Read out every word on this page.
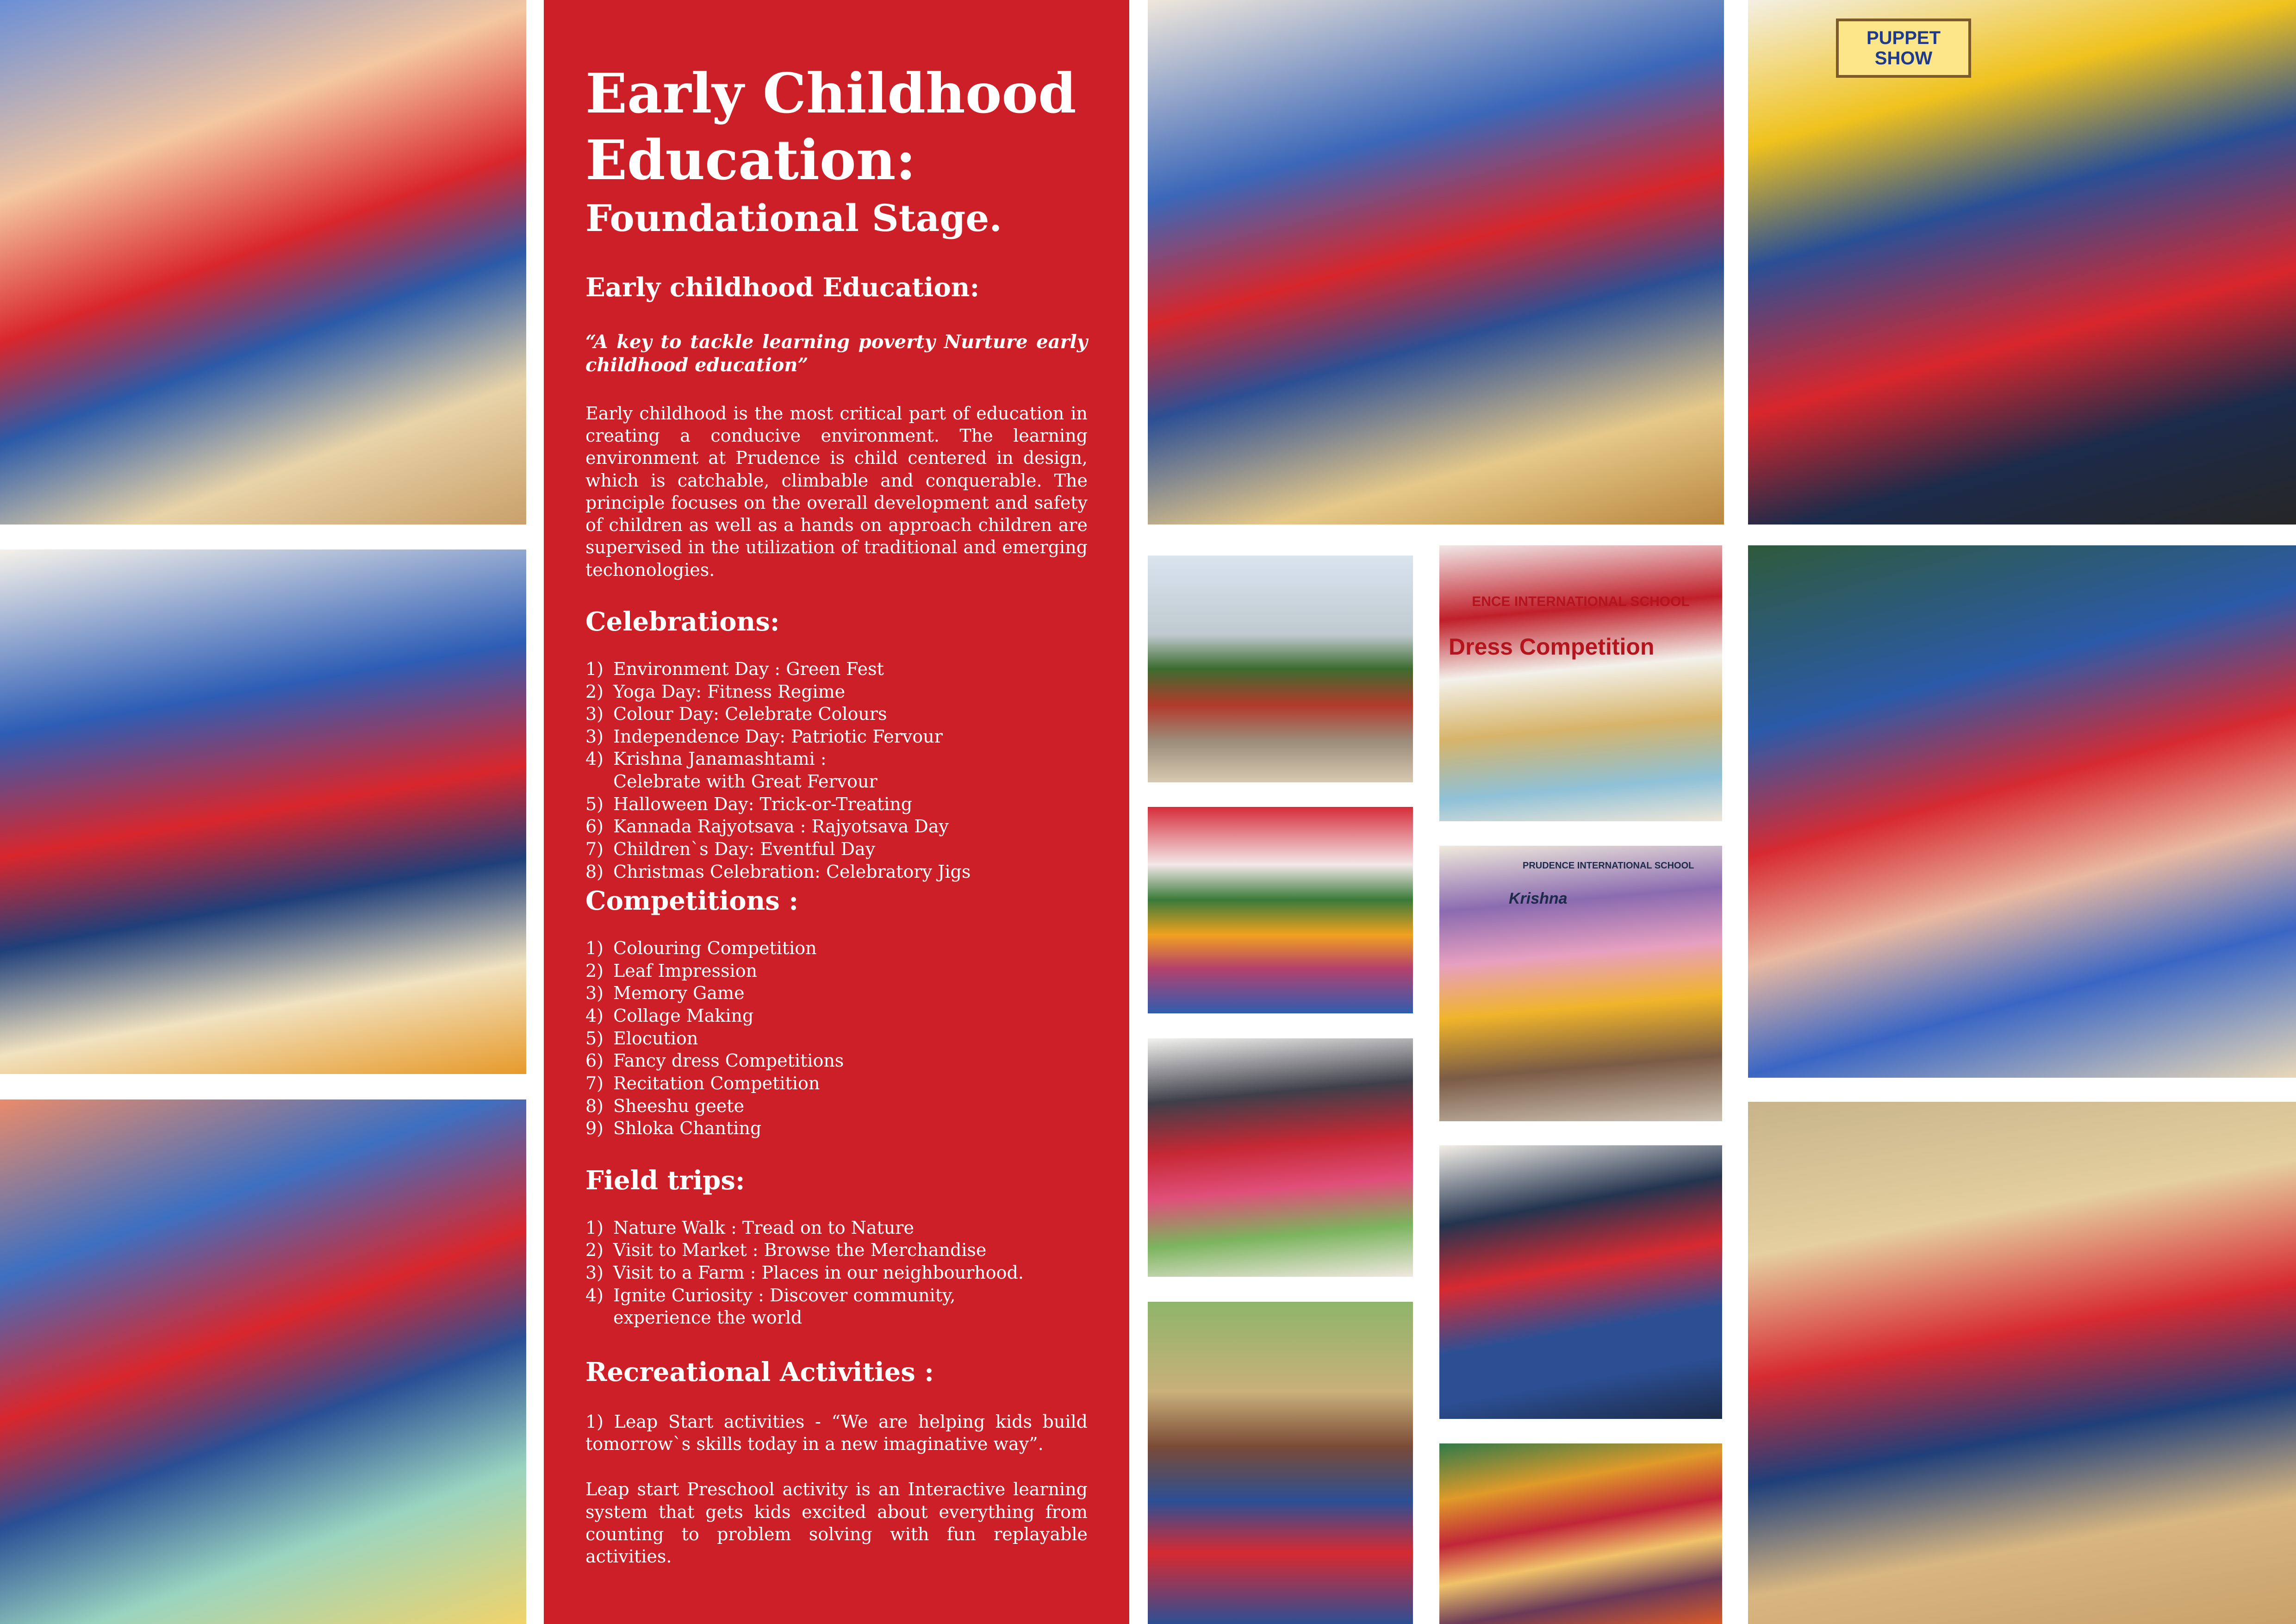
Early Childhood
Education:
Foundational Stage.
Early childhood Education:

“A key to tackle learning poverty Nurture early childhood education”

Early childhood is the most critical part of education in creating a conducive environment. The learning environment at Prudence is child centered in design, which is catchable, climbable and conquerable. The principle focuses on the overall development and safety of children as well as a hands on approach children are supervised in the utilization of traditional and emerging techonologies.

Celebrations:
1) Environment Day : Green Fest
2) Yoga Day: Fitness Regime
3) Colour Day: Celebrate Colours
3) Independence Day: Patriotic Fervour
4) Krishna Janamashtami :
Celebrate with Great Fervour
5) Halloween Day: Trick-or-Treating
6) Kannada Rajyotsava : Rajyotsava Day
7) Children`s Day: Eventful Day
8) Christmas Celebration: Celebratory Jigs
Competitions :
1) Colouring Competition
2) Leaf Impression
3) Memory Game
4) Collage Making
5) Elocution
6) Fancy dress Competitions
7) Recitation Competition
8) Sheeshu geete
9) Shloka Chanting
Field trips:
1) Nature Walk : Tread on to Nature
2) Visit to Market : Browse the Merchandise
3) Visit to a Farm : Places in our neighbourhood.
4) Ignite Curiosity : Discover community,
experience the world
Recreational Activities :

1) Leap Start activities - “We are helping kids build tomorrow`s skills today in a new imaginative way”.

Leap start Preschool activity is an Interactive learning system that gets kids excited about everything from counting to problem solving with fun replayable activities.

PUPPET SHOW
ENCE INTERNATIONAL SCHOOL
Dress Competition
PRUDENCE INTERNATIONAL SCHOOL
Krishna
